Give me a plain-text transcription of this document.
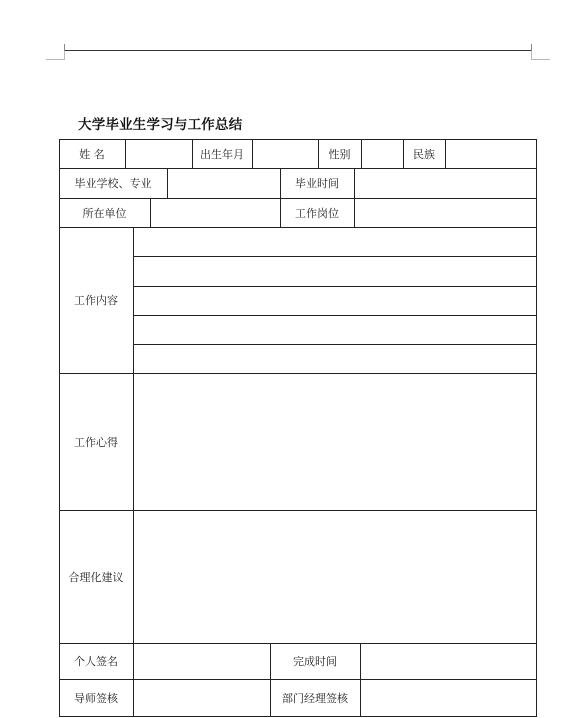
大学毕业生学习与工作总结
姓 名	出生年月	性别	民族
毕业学校、专业	毕业时间
所在单位	工作岗位
工作内容
工作心得
合理化建议
个人签名	完成时间
导师签核	部门经理签核
